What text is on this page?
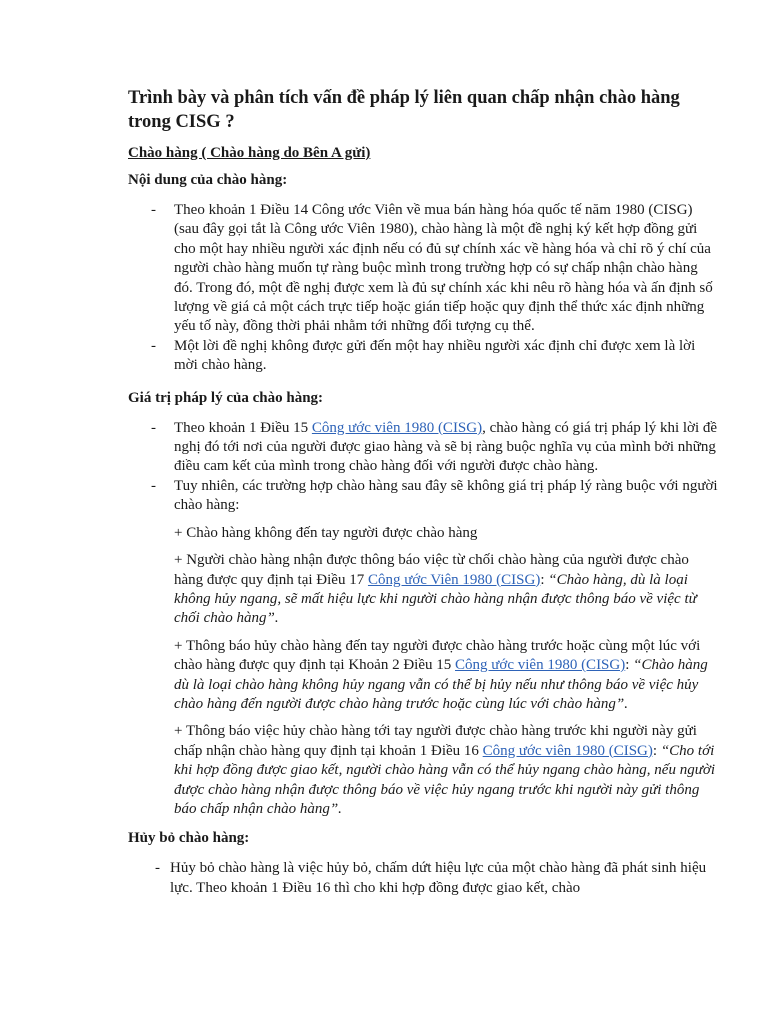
Trình bày và phân tích vấn đề pháp lý liên quan chấp nhận chào hàng trong CISG ?
Chào hàng ( Chào hàng do Bên A gửi)
Nội dung của chào hàng:
- Theo khoản 1 Điều 14 Công ước Viên về mua bán hàng hóa quốc tế năm 1980 (CISG) (sau đây gọi tắt là Công ước Viên 1980), chào hàng là một đề nghị ký kết hợp đồng gửi cho một hay nhiều người xác định nếu có đủ sự chính xác về hàng hóa và chỉ rõ ý chí của người chào hàng muốn tự ràng buộc mình trong trường hợp có sự chấp nhận chào hàng đó. Trong đó, một đề nghị được xem là đủ sự chính xác khi nêu rõ hàng hóa và ấn định số lượng về giá cả một cách trực tiếp hoặc gián tiếp hoặc quy định thể thức xác định những yếu tố này, đồng thời phải nhằm tới những đối tượng cụ thể.
- Một lời đề nghị không được gửi đến một hay nhiều người xác định chỉ được xem là lời mời chào hàng.
Giá trị pháp lý của chào hàng:
- Theo khoản 1 Điều 15 Công ước viên 1980 (CISG), chào hàng có giá trị pháp lý khi lời đề nghị đó tới nơi của người được giao hàng và sẽ bị ràng buộc nghĩa vụ của mình bởi những điều cam kết của mình trong chào hàng đối với người được chào hàng.
- Tuy nhiên, các trường hợp chào hàng sau đây sẽ không giá trị pháp lý ràng buộc với người chào hàng:
+ Chào hàng không đến tay người được chào hàng
+ Người chào hàng nhận được thông báo việc từ chối chào hàng của người được chào hàng được quy định tại Điều 17 Công ước Viên 1980 (CISG): “Chào hàng, dù là loại không hủy ngang, sẽ mất hiệu lực khi người chào hàng nhận được thông báo về việc từ chối chào hàng”.
+ Thông báo hủy chào hàng đến tay người được chào hàng trước hoặc cùng một lúc với chào hàng được quy định tại Khoản 2 Điều 15 Công ước viên 1980 (CISG): “Chào hàng dù là loại chào hàng không hủy ngang vẫn có thể bị hủy nếu như thông báo về việc hủy chào hàng đến người được chào hàng trước hoặc cùng lúc với chào hàng”.
+ Thông báo việc hủy chào hàng tới tay người được chào hàng trước khi người này gửi chấp nhận chào hàng quy định tại khoản 1 Điều 16 Công ước viên 1980 (CISG): “Cho tới khi hợp đồng được giao kết, người chào hàng vẫn có thể hủy ngang chào hàng, nếu người được chào hàng nhận được thông báo về việc hủy ngang trước khi người này gửi thông báo chấp nhận chào hàng”.
Hủy bỏ chào hàng:
- Hủy bỏ chào hàng là việc hủy bỏ, chấm dứt hiệu lực của một chào hàng đã phát sinh hiệu lực. Theo khoản 1 Điều 16 thì cho khi hợp đồng được giao kết, chào
